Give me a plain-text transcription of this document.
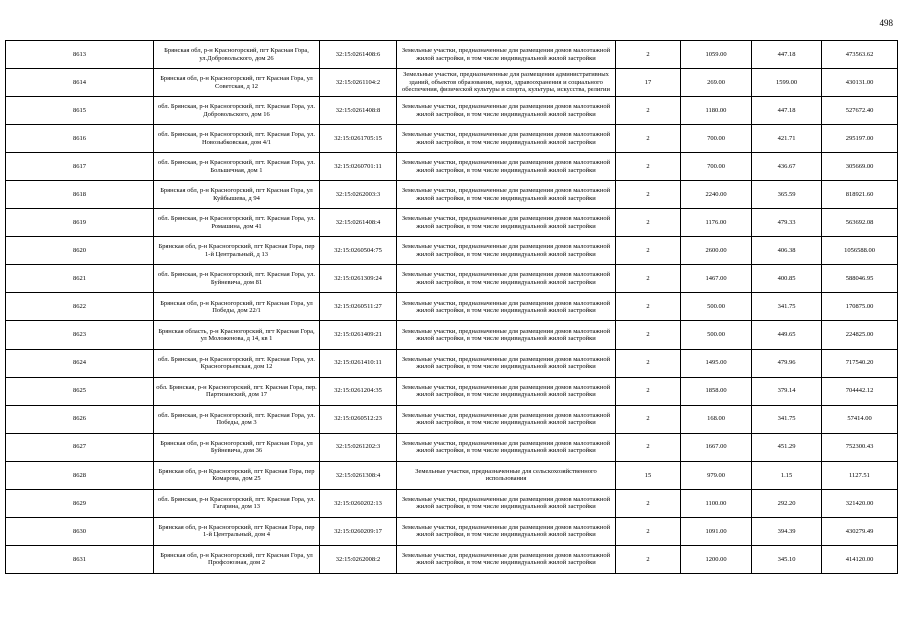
498
8613	Брянская обл, р-н Красногорский, пгт Красная Гора, ул.Добровольского, дом 26	32:15:0261408:6	Земельные участки, предназначенные для размещения домов малоэтажной жилой застройки, в том числе индивидуальной жилой застройки	2	1059.00	447.18	473563.62
8614	Брянская обл, р-н Красногорский, пгт Красная Гора, ул Советская, д 12	32:15:0261104:2	Земельные участки, предназначенные для размещения административных зданий, объектов образования, науки, здравоохранения и социального обеспечения, физической культуры и спорта, культуры, искусства, религии	17	269.00	1599.00	430131.00
8615	обл. Брянская, р-н Красногорский, пгт. Красная Гора, ул. Добровольского, дом 16	32:15:0261408:8	Земельные участки, предназначенные для размещения домов малоэтажной жилой застройки, в том числе индивидуальной жилой застройки	2	1180.00	447.18	527672.40
8616	обл. Брянская, р-н Красногорский, пгт. Красная Гора, ул. Новозыбковская, дом 4/1	32:15:0261705:15	Земельные участки, предназначенные для размещения домов малоэтажной жилой застройки, в том числе индивидуальной жилой застройки	2	700.00	421.71	295197.00
8617	обл. Брянская, р-н Красногорский, пгт. Красная Гора, ул. Большечная, дом 1	32:15:0260701:11	Земельные участки, предназначенные для размещения домов малоэтажной жилой застройки, в том числе индивидуальной жилой застройки	2	700.00	436.67	305669.00
8618	Брянская обл, р-н Красногорский, пгт Красная Гора, ул Куйбышева, д 94	32:15:0262003:3	Земельные участки, предназначенные для размещения домов малоэтажной жилой застройки, в том числе индивидуальной жилой застройки	2	2240.00	365.59	818921.60
8619	обл. Брянская, р-н Красногорский, пгт. Красная Гора, ул. Ромашина, дом 41	32:15:0261408:4	Земельные участки, предназначенные для размещения домов малоэтажной жилой застройки, в том числе индивидуальной жилой застройки	2	1176.00	479.33	563692.08
8620	Брянская обл, р-н Красногорский, пгт Красная Гора, пер 1-й Центральный, д 13	32:15:0260504:75	Земельные участки, предназначенные для размещения домов малоэтажной жилой застройки, в том числе индивидуальной жилой застройки	2	2600.00	406.38	1056588.00
8621	обл. Брянская, р-н Красногорский, пгт. Красная Гора, ул. Буйневича, дом 81	32:15:0261309:24	Земельные участки, предназначенные для размещения домов малоэтажной жилой застройки, в том числе индивидуальной жилой застройки	2	1467.00	400.85	588046.95
8622	Брянская обл, р-н Красногорский, пгт Красная Гора, ул Победы, дом 22/1	32:15:0260511:27	Земельные участки, предназначенные для размещения домов малоэтажной жилой застройки, в том числе индивидуальной жилой застройки	2	500.00	341.75	170875.00
8623	Брянская область, р-н Красногорский, пгт Красная Гора, ул Моложенова, д 14, кв 1	32:15:0261409:21	Земельные участки, предназначенные для размещения домов малоэтажной жилой застройки, в том числе индивидуальной жилой застройки	2	500.00	449.65	224825.00
8624	обл. Брянская, р-н Красногорский, пгт. Красная Гора, ул. Красногорьевская, дом 12	32:15:0261410:11	Земельные участки, предназначенные для размещения домов малоэтажной жилой застройки, в том числе индивидуальной жилой застройки	2	1495.00	479.96	717540.20
8625	обл. Брянская, р-н Красногорский, пгт. Красная Гора, пер. Партизанский, дом 17	32:15:0261204:35	Земельные участки, предназначенные для размещения домов малоэтажной жилой застройки, в том числе индивидуальной жилой застройки	2	1858.00	379.14	704442.12
8626	обл. Брянская, р-н Красногорский, пгт. Красная Гора, ул. Победы, дом 3	32:15:0260512:23	Земельные участки, предназначенные для размещения домов малоэтажной жилой застройки, в том числе индивидуальной жилой застройки	2	168.00	341.75	57414.00
8627	Брянская обл, р-н Красногорский, пгт Красная Гора, ул Буйневича, дом 36	32:15:0261202:3	Земельные участки, предназначенные для размещения домов малоэтажной жилой застройки, в том числе индивидуальной жилой застройки	2	1667.00	451.29	752300.43
8628	Брянская обл, р-н Красногорский, пгт Красная Гора, пер Комарова, дом 25	32:15:0261308:4	Земельные участки, предназначенные для сельскохозяйственного использования	15	979.00	1.15	1127.51
8629	обл. Брянская, р-н Красногорский, пгт. Красная Гора, ул. Гагарина, дом 13	32:15:0260202:13	Земельные участки, предназначенные для размещения домов малоэтажной жилой застройки, в том числе индивидуальной жилой застройки	2	1100.00	292.20	321420.00
8630	Брянская обл, р-н Красногорский, пгт Красная Гора, пер 1-й Центральный, дом 4	32:15:0260209:17	Земельные участки, предназначенные для размещения домов малоэтажной жилой застройки, в том числе индивидуальной жилой застройки	2	1091.00	394.39	430279.49
8631	Брянская обл, р-н Красногорский, пгт Красная Гора, ул Профсоюзная, дом 2	32:15:0262008:2	Земельные участки, предназначенные для размещения домов малоэтажной жилой застройки, в том числе индивидуальной жилой застройки	2	1200.00	345.10	414120.00
